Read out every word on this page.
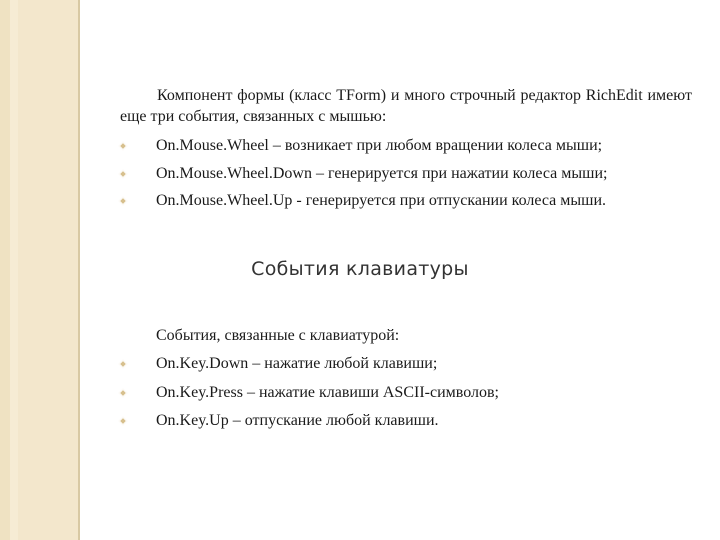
Компонент формы (класс TForm) и много строчный редактор RichEdit имеют еще три события, связанных с мышью:
On.Mouse.Wheel – возникает при любом вращении колеса мыши;
On.Mouse.Wheel.Down – генерируется при нажатии колеса мыши;
On.Mouse.Wheel.Up - генерируется при отпускании колеса мыши.
События клавиатуры
События, связанные с клавиатурой:
On.Key.Down – нажатие любой клавиши;
On.Key.Press – нажатие клавиши ASCII-символов;
On.Key.Up – отпускание любой клавиши.
